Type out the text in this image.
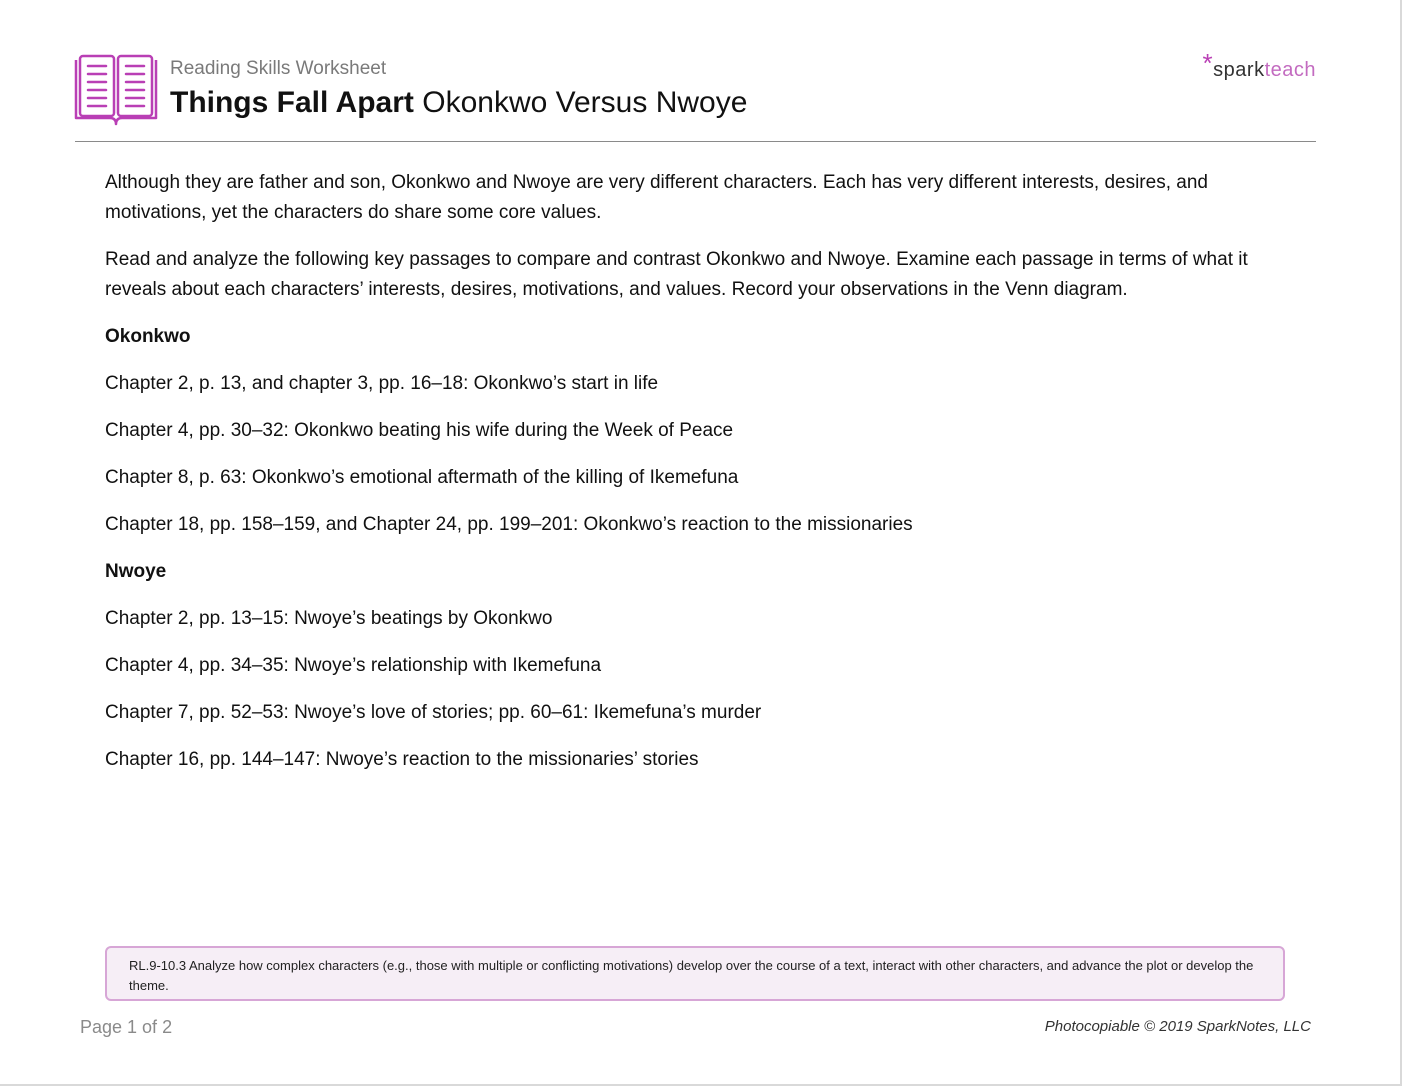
Reading Skills Worksheet
Things Fall Apart Okonkwo Versus Nwoye
*sparkteach

Although they are father and son, Okonkwo and Nwoye are very different characters. Each has very different interests, desires, and motivations, yet the characters do share some core values.

Read and analyze the following key passages to compare and contrast Okonkwo and Nwoye. Examine each passage in terms of what it reveals about each characters’ interests, desires, motivations, and values. Record your observations in the Venn diagram.

Okonkwo

Chapter 2, p. 13, and chapter 3, pp. 16–18: Okonkwo’s start in life

Chapter 4, pp. 30–32: Okonkwo beating his wife during the Week of Peace

Chapter 8, p. 63: Okonkwo’s emotional aftermath of the killing of Ikemefuna

Chapter 18, pp. 158–159, and Chapter 24, pp. 199–201: Okonkwo’s reaction to the missionaries

Nwoye

Chapter 2, pp. 13–15: Nwoye’s beatings by Okonkwo

Chapter 4, pp. 34–35: Nwoye’s relationship with Ikemefuna

Chapter 7, pp. 52–53: Nwoye’s love of stories; pp. 60–61: Ikemefuna’s murder

Chapter 16, pp. 144–147: Nwoye’s reaction to the missionaries’ stories

RL.9-10.3 Analyze how complex characters (e.g., those with multiple or conflicting motivations) develop over the course of a text, interact with other characters, and advance the plot or develop the theme.
Page 1 of 2	Photocopiable © 2019 SparkNotes, LLC
